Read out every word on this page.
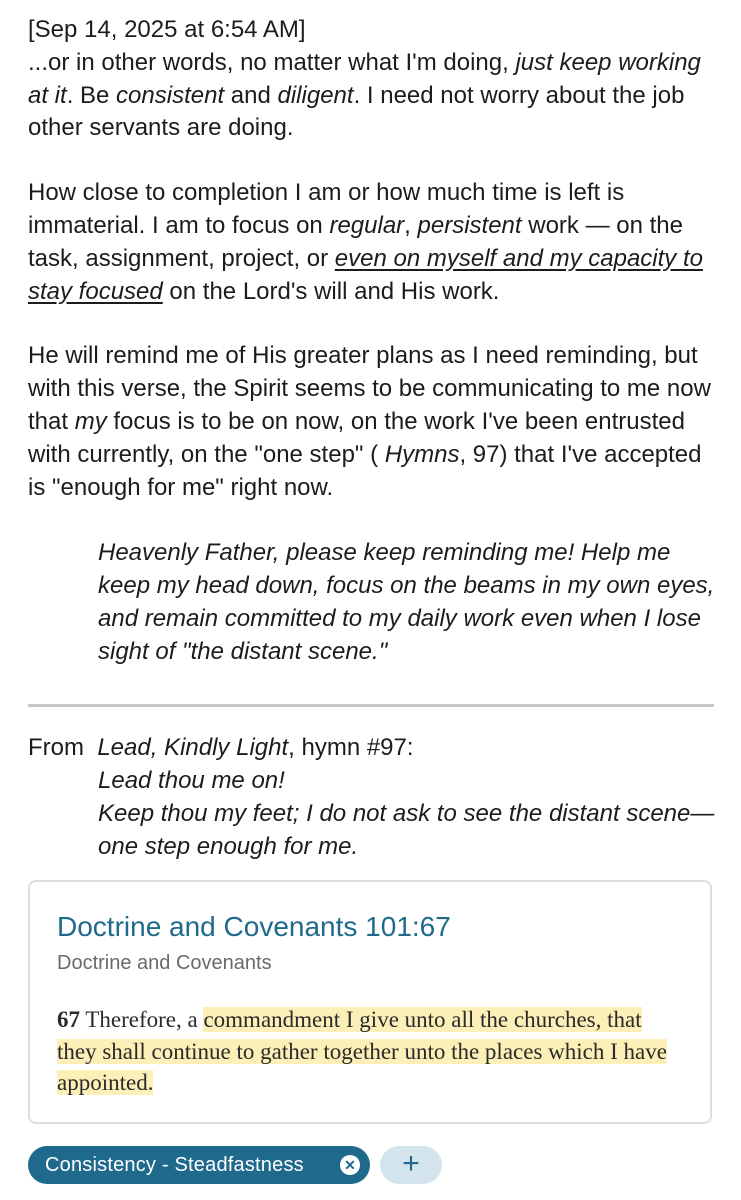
[Sep 14, 2025 at 6:54 AM]
...or in other words, no matter what I'm doing, just keep working at it. Be consistent and diligent. I need not worry about the job other servants are doing.

How close to completion I am or how much time is left is immaterial. I am to focus on regular, persistent work — on the task, assignment, project, or even on myself and my capacity to stay focused on the Lord's will and His work.

He will remind me of His greater plans as I need reminding, but with this verse, the Spirit seems to be communicating to me now that my focus is to be on now, on the work I've been entrusted with currently, on the "one step" ( Hymns, 97) that I've accepted is "enough for me" right now.

Heavenly Father, please keep reminding me! Help me keep my head down, focus on the beams in my own eyes, and remain committed to my daily work even when I lose sight of "the distant scene."

From  Lead, Kindly Light, hymn #97:
Lead thou me on!
Keep thou my feet; I do not ask to see the distant scene—one step enough for me.
Doctrine and Covenants 101:67
Doctrine and Covenants
67 Therefore, a commandment I give unto all the churches, that they shall continue to gather together unto the places which I have appointed.
Consistency - Steadfastness	✕	+
